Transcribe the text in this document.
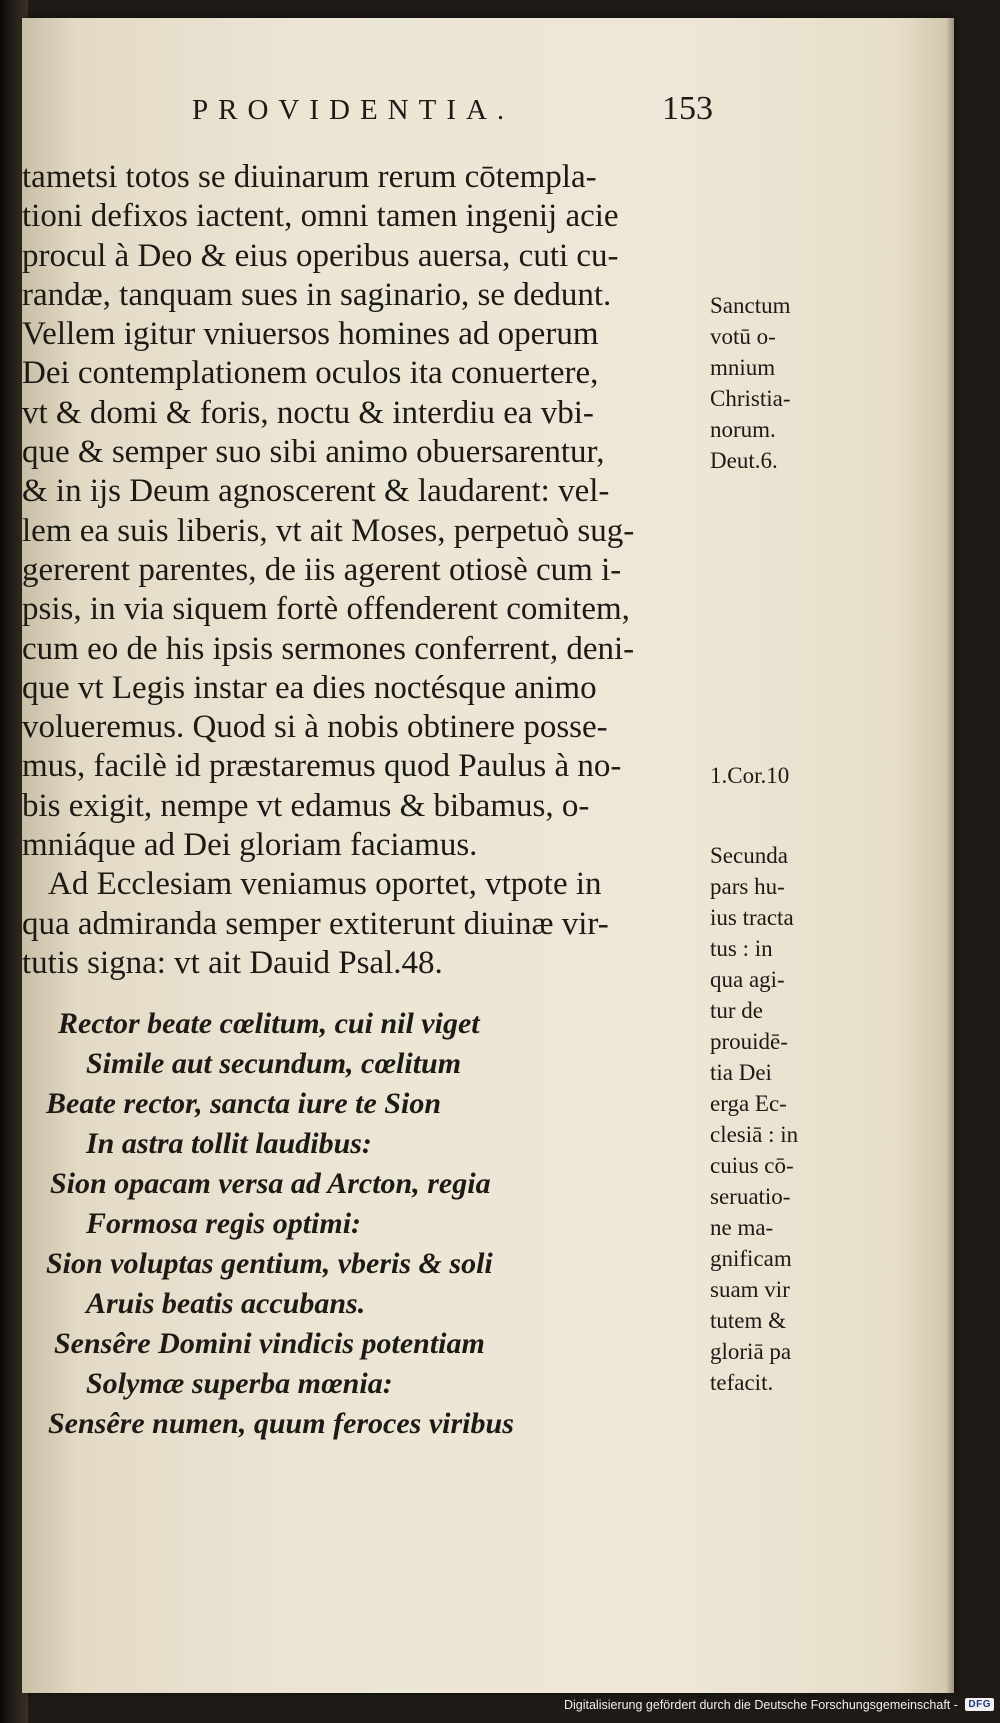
PROVIDENTIA.	153
tametsi totos se diuinarum rerum cōtempla-
tioni defixos iactent, omni tamen ingenij acie
procul à Deo & eius operibus auersa, cuti cu-
randæ, tanquam sues in saginario, se dedunt.
Vellem igitur vniuersos homines ad operum
Dei contemplationem oculos ita conuertere,
vt & domi & foris, noctu & interdiu ea vbi-
que & semper suo sibi animo obuersarentur,
& in ijs Deum agnoscerent & laudarent: vel-
lem ea suis liberis, vt ait Moses, perpetuò sug-
gererent parentes, de iis agerent otiosè cum i-
psis, in via siquem fortè offenderent comitem,
cum eo de his ipsis sermones conferrent, deni-
que vt Legis instar ea dies noctésque animo
volueremus. Quod si à nobis obtinere posse-
mus, facilè id præstaremus quod Paulus à no-
bis exigit, nempe vt edamus & bibamus, o-
mniáque ad Dei gloriam faciamus.
Ad Ecclesiam veniamus oportet, vtpote in
qua admiranda semper extiterunt diuinæ vir-
tutis signa: vt ait Dauid Psal.48.
Rector beate cœlitum, cui nil viget
Simile aut secundum, cœlitum
Beate rector, sancta iure te Sion
In astra tollit laudibus:
Sion opacam versa ad Arcton, regia
Formosa regis optimi:
Sion voluptas gentium, vberis & soli
Aruis beatis accubans.
Sensêre Domini vindicis potentiam
Solymæ superba mœnia:
Sensêre numen, quum feroces viribus
Sanctum
votū o-
mnium
Christia-
norum.
Deut.6.
1.Cor.10
Secunda
pars hu-
ius tracta
tus : in
qua agi-
tur de
prouidē-
tia Dei
erga Ec-
clesiā : in
cuius cō-
seruatio-
ne ma-
gnificam
suam vir
tutem &
gloriā pa
tefacit.
Digitalisierung gefördert durch die Deutsche Forschungsgemeinschaft - DFG
